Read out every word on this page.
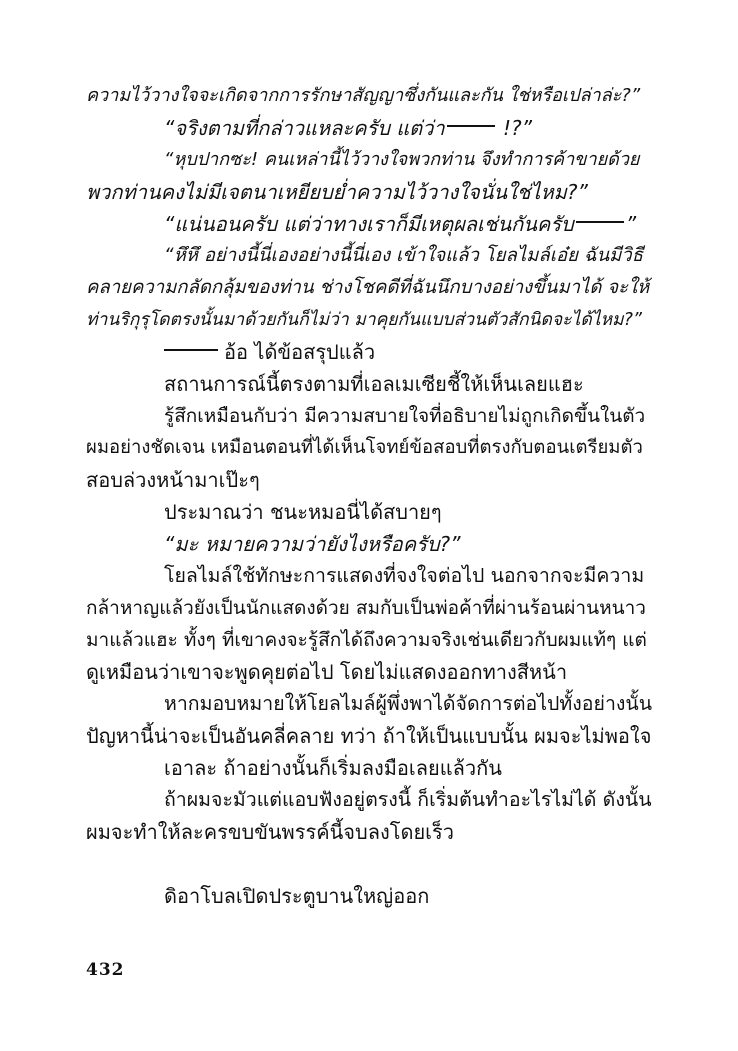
ความไว้วางใจจะเกิดจากการรักษาสัญญาซึ่งกันและกัน ใช่หรือเปล่าล่ะ?”
“จริงตามที่กล่าวแหละครับ แต่ว่า	!?”
“หุบปากซะ! คนเหล่านี้ไว้วางใจพวกท่าน จึงทำการค้าขายด้วย
พวกท่านคงไม่มีเจตนาเหยียบย่ำความไว้วางใจนั่นใช่ไหม?”
“แน่นอนครับ แต่ว่าทางเราก็มีเหตุผลเช่นกันครับ	”
“หึหึ อย่างนี้นี่เองอย่างนี้นี่เอง เข้าใจแล้ว โยลไมล์เอ๋ย ฉันมีวิธี
คลายความกลัดกลุ้มของท่าน ช่างโชคดีที่ฉันนึกบางอย่างขึ้นมาได้ จะให้
ท่านริกุรุโดตรงนั้นมาด้วยกันก็ไม่ว่า มาคุยกันแบบส่วนตัวสักนิดจะได้ไหม?”
อ้อ ได้ข้อสรุปแล้ว
สถานการณ์นี้ตรงตามที่เอลเมเซียชี้ให้เห็นเลยแฮะ
รู้สึกเหมือนกับว่า มีความสบายใจที่อธิบายไม่ถูกเกิดขึ้นในตัว
ผมอย่างชัดเจน เหมือนตอนที่ได้เห็นโจทย์ข้อสอบที่ตรงกับตอนเตรียมตัว
สอบล่วงหน้ามาเป๊ะๆ
ประมาณว่า ชนะหมอนี่ได้สบายๆ
“มะ หมายความว่ายังไงหรือครับ?”
โยลไมล์ใช้ทักษะการแสดงที่จงใจต่อไป นอกจากจะมีความ
กล้าหาญแล้วยังเป็นนักแสดงด้วย สมกับเป็นพ่อค้าที่ผ่านร้อนผ่านหนาว
มาแล้วแฮะ ทั้งๆ ที่เขาคงจะรู้สึกได้ถึงความจริงเช่นเดียวกับผมแท้ๆ แต่
ดูเหมือนว่าเขาจะพูดคุยต่อไป โดยไม่แสดงออกทางสีหน้า
หากมอบหมายให้โยลไมล์ผู้พึ่งพาได้จัดการต่อไปทั้งอย่างนั้น
ปัญหานี้น่าจะเป็นอันคลี่คลาย ทว่า ถ้าให้เป็นแบบนั้น ผมจะไม่พอใจ
เอาละ ถ้าอย่างนั้นก็เริ่มลงมือเลยแล้วกัน
ถ้าผมจะมัวแต่แอบฟังอยู่ตรงนี้ ก็เริ่มต้นทำอะไรไม่ได้ ดังนั้น
ผมจะทำให้ละครขบขันพรรค์นี้จบลงโดยเร็ว
ดิอาโบลเปิดประตูบานใหญ่ออก
432
